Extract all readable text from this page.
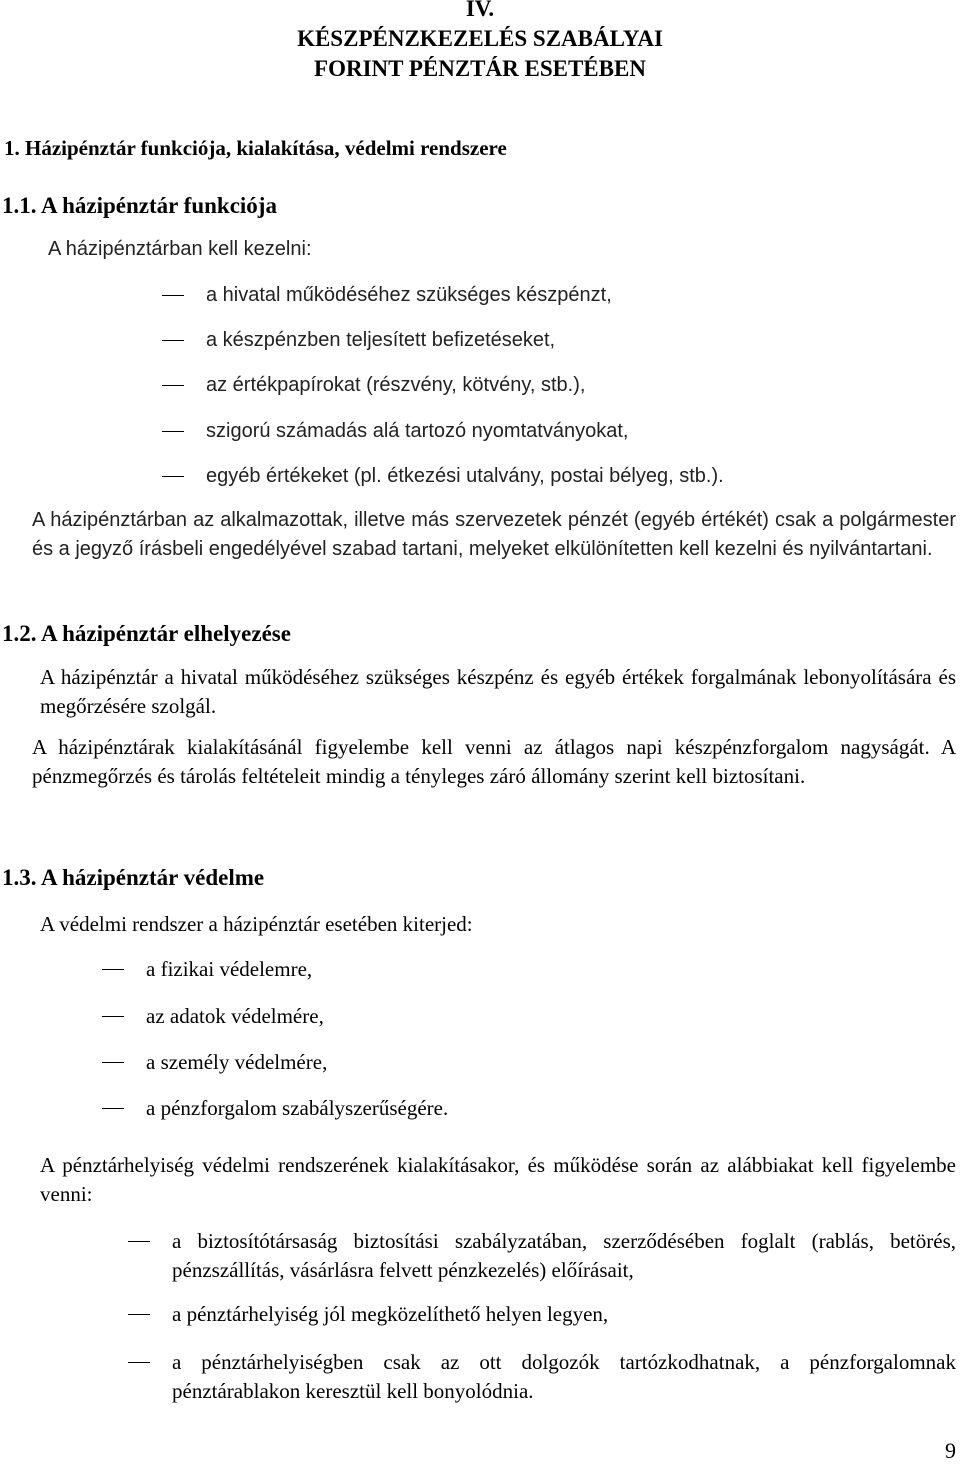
IV.
KÉSZPÉNZKEZELÉS SZABÁLYAI
FORINT PÉNZTÁR ESETÉBEN
1. Házipénztár funkciója, kialakítása, védelmi rendszere
1.1. A házipénztár funkciója
A házipénztárban kell kezelni:
a hivatal működéséhez szükséges készpénzt,
a készpénzben teljesített befizetéseket,
az értékpapírokat (részvény, kötvény, stb.),
szigorú számadás alá tartozó nyomtatványokat,
egyéb értékeket (pl. étkezési utalvány, postai bélyeg, stb.).
A házipénztárban az alkalmazottak, illetve más szervezetek pénzét (egyéb értékét) csak a polgármester és a jegyző írásbeli engedélyével szabad tartani, melyeket elkülönítetten kell kezelni és nyilvántartani.
1.2. A házipénztár elhelyezése
A házipénztár a hivatal működéséhez szükséges készpénz és egyéb értékek forgalmának lebonyolítására és megőrzésére szolgál.
A házipénztárak kialakításánál figyelembe kell venni az átlagos napi készpénzforgalom nagyságát. A pénzmegőrzés és tárolás feltételeit mindig a tényleges záró állomány szerint kell biztosítani.
1.3. A házipénztár védelme
A védelmi rendszer a házipénztár esetében kiterjed:
a fizikai védelemre,
az adatok védelmére,
a személy védelmére,
a pénzforgalom szabályszerűségére.
A pénztárhelyiség védelmi rendszerének kialakításakor, és működése során az alábbiakat kell figyelembe venni:
a biztosítótársaság biztosítási szabályzatában, szerződésében foglalt (rablás, betörés, pénzszállítás, vásárlásra felvett pénzkezelés) előírásait,
a pénztárhelyiség jól megközelíthető helyen legyen,
a pénztárhelyiségben csak az ott dolgozók tartózkodhatnak, a pénzforgalomnak pénztárablakon keresztül kell bonyolódnia.
9
